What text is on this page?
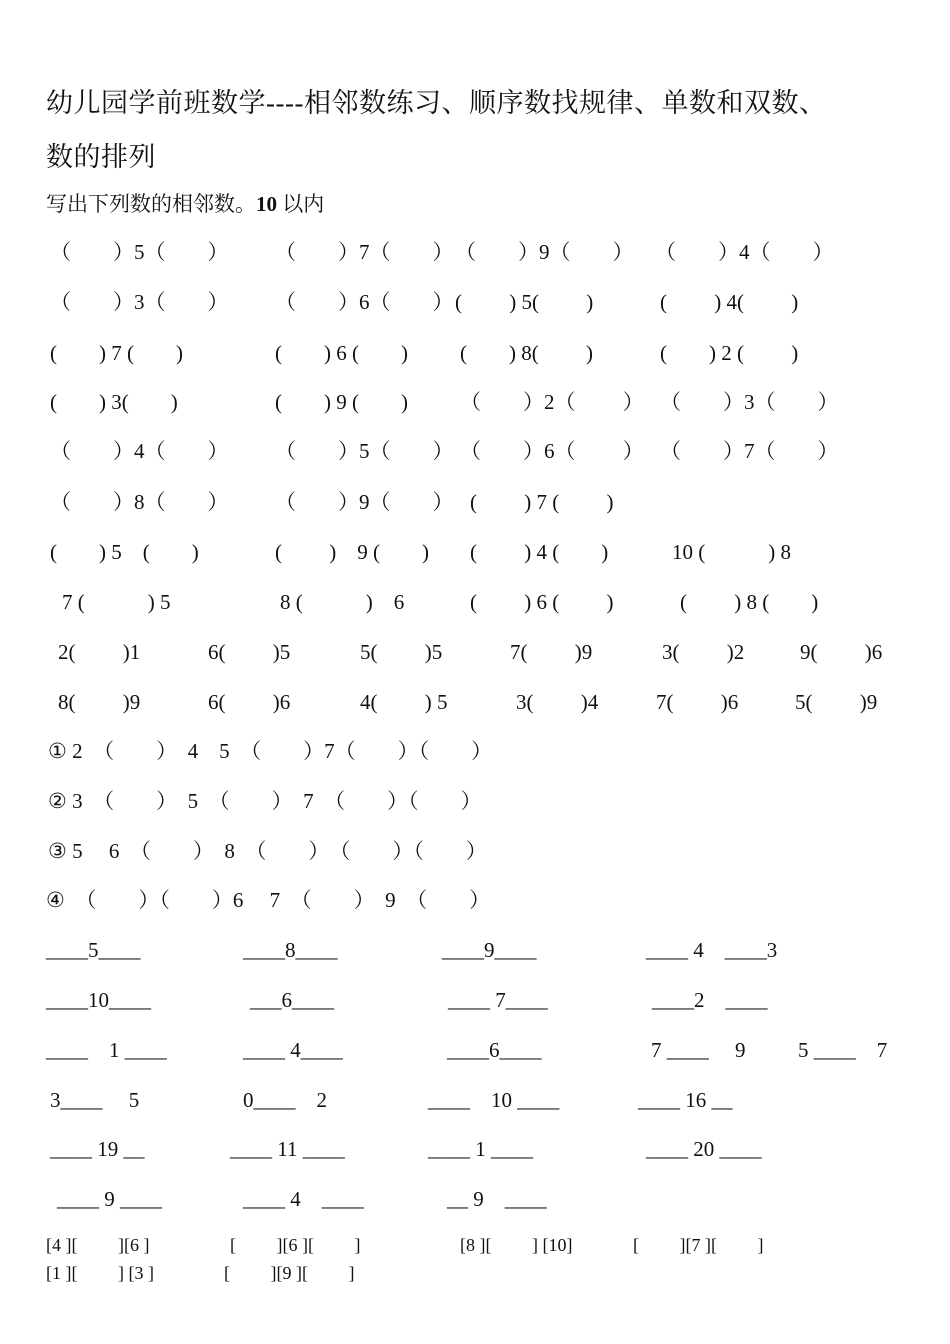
幼儿园学前班数学----相邻数练习、顺序数找规律、单数和双数、
数的排列
写出下列数的相邻数。10 以内
（　　）5（　　） （　　）7（　　） （　　）9（　　） （　　）4（　　）
（　　）3（　　） （　　）6（　　） (　　 ) 5(　　 )	(　　 ) 4(　　 )
(　　) 7 (　　)	(　　) 6 (　　) (　　) 8(　　 )	(　　) 2 (　　 )
(　　) 3(　　)	(　　) 9 (　　) （　　）2（　　 ） （　　）3（　　）
（　　）4（　　） （　　）5（　　） （　　）6（　　 ） （　　）7（　　）
（　　）8（　　） （　　）9（　　） (　　 ) 7 (　　 )
(　　) 5　(　　)	(　　 )　9 (　　) (　　 ) 4 (　　)	10 (　　　) 8
7 (　　　) 5	8 (　　　)　6	(　　 ) 6 (　　 )	(　　 ) 8 (　　)
2(　　 )1	6(　　 )5	5(　　 )5	7(　　 )9	3(　　 )2	9(　　 )6
8(　　 )9	6(　　 )6	4(　　 ) 5	3(　　 )4	7(　　 )6	5(　　 )9
① 2　（　　）　4　5　（　　）7（　　）（　　）
② 3　（　　）　5　（　　）　7　（　　）（　　）
③ 5　 6　（　　）　8　（　　）　（　　）（　　）
④　（　　）（　　）6　 7　（　　）　9　（　　）
____5____	____8____	____9____	____ 4　____3
____10____	___6____	____ 7____	____2　____
____　1 ____	____ 4____	____6____	7 ____　 9	5 ____　7
3____　 5	0____　2	____　10 ____	____ 16 __
____ 19 __	____ 11 ____	____ 1 ____	____ 20 ____
____ 9 ____	____ 4　____	__ 9　____
[4 ][　　 ][6 ]	[　　 ][6 ][　　 ]	[8 ][　　 ] [10]	[　　 ][7 ][　　 ]
[1 ][　　 ] [3 ]	[　　 ][9 ][　　 ]
